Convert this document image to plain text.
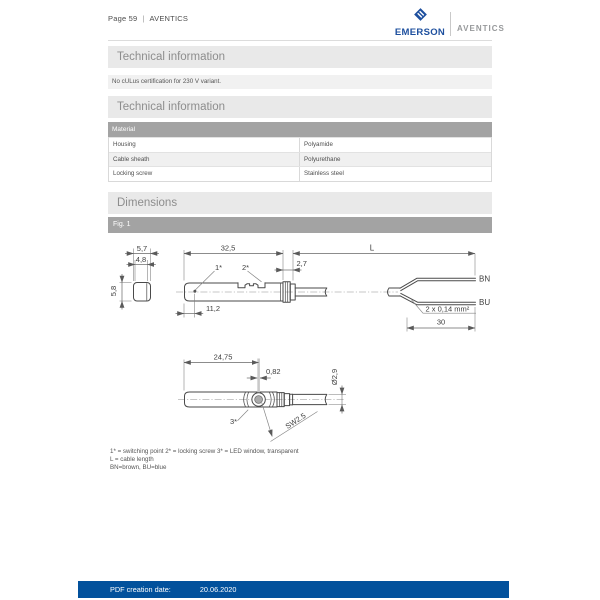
Page 59 | AVENTICS
EMERSON AVENTICS
Technical information
No cULus certification for 230 V variant.
Technical information
Material
Housing	Polyamide
Cable sheath	Polyurethane
Locking screw	Stainless steel
Dimensions
Fig. 1
5,7
4,8
5,8
32,5	L
2,7
11,2
1*	2*
BN
BU
2 x 0,14 mm²
30
24,75
0,82	Ø2,9
SW2.5
3*
1* = switching point 2* = locking screw 3* = LED window, transparent
L = cable length
BN=brown, BU=blue
PDF creation date:	20.06.2020
